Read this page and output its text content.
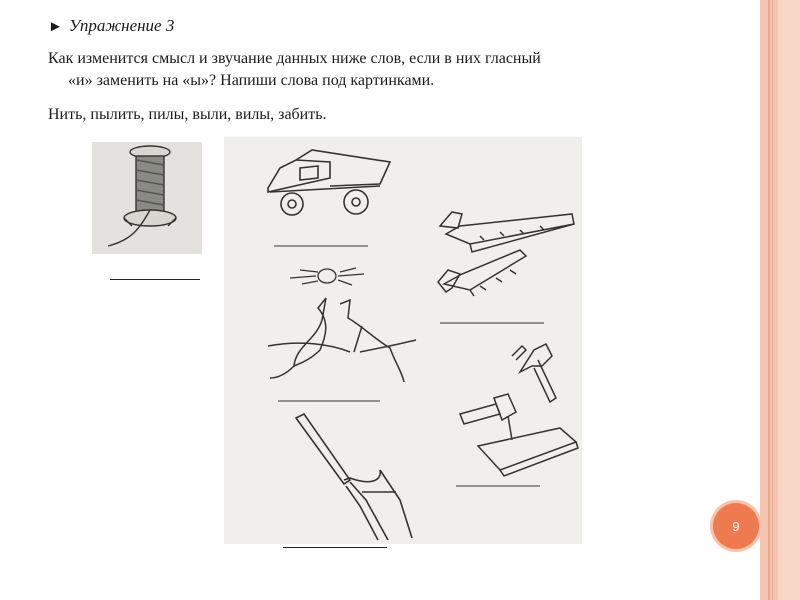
► Упражнение 3
Как изменится смысл и звучание данных ниже слов, если в них гласный
«и» заменить на «ы»? Напиши слова под картинками.
Нить, пылить, пилы, выли, вилы, забить.
9
